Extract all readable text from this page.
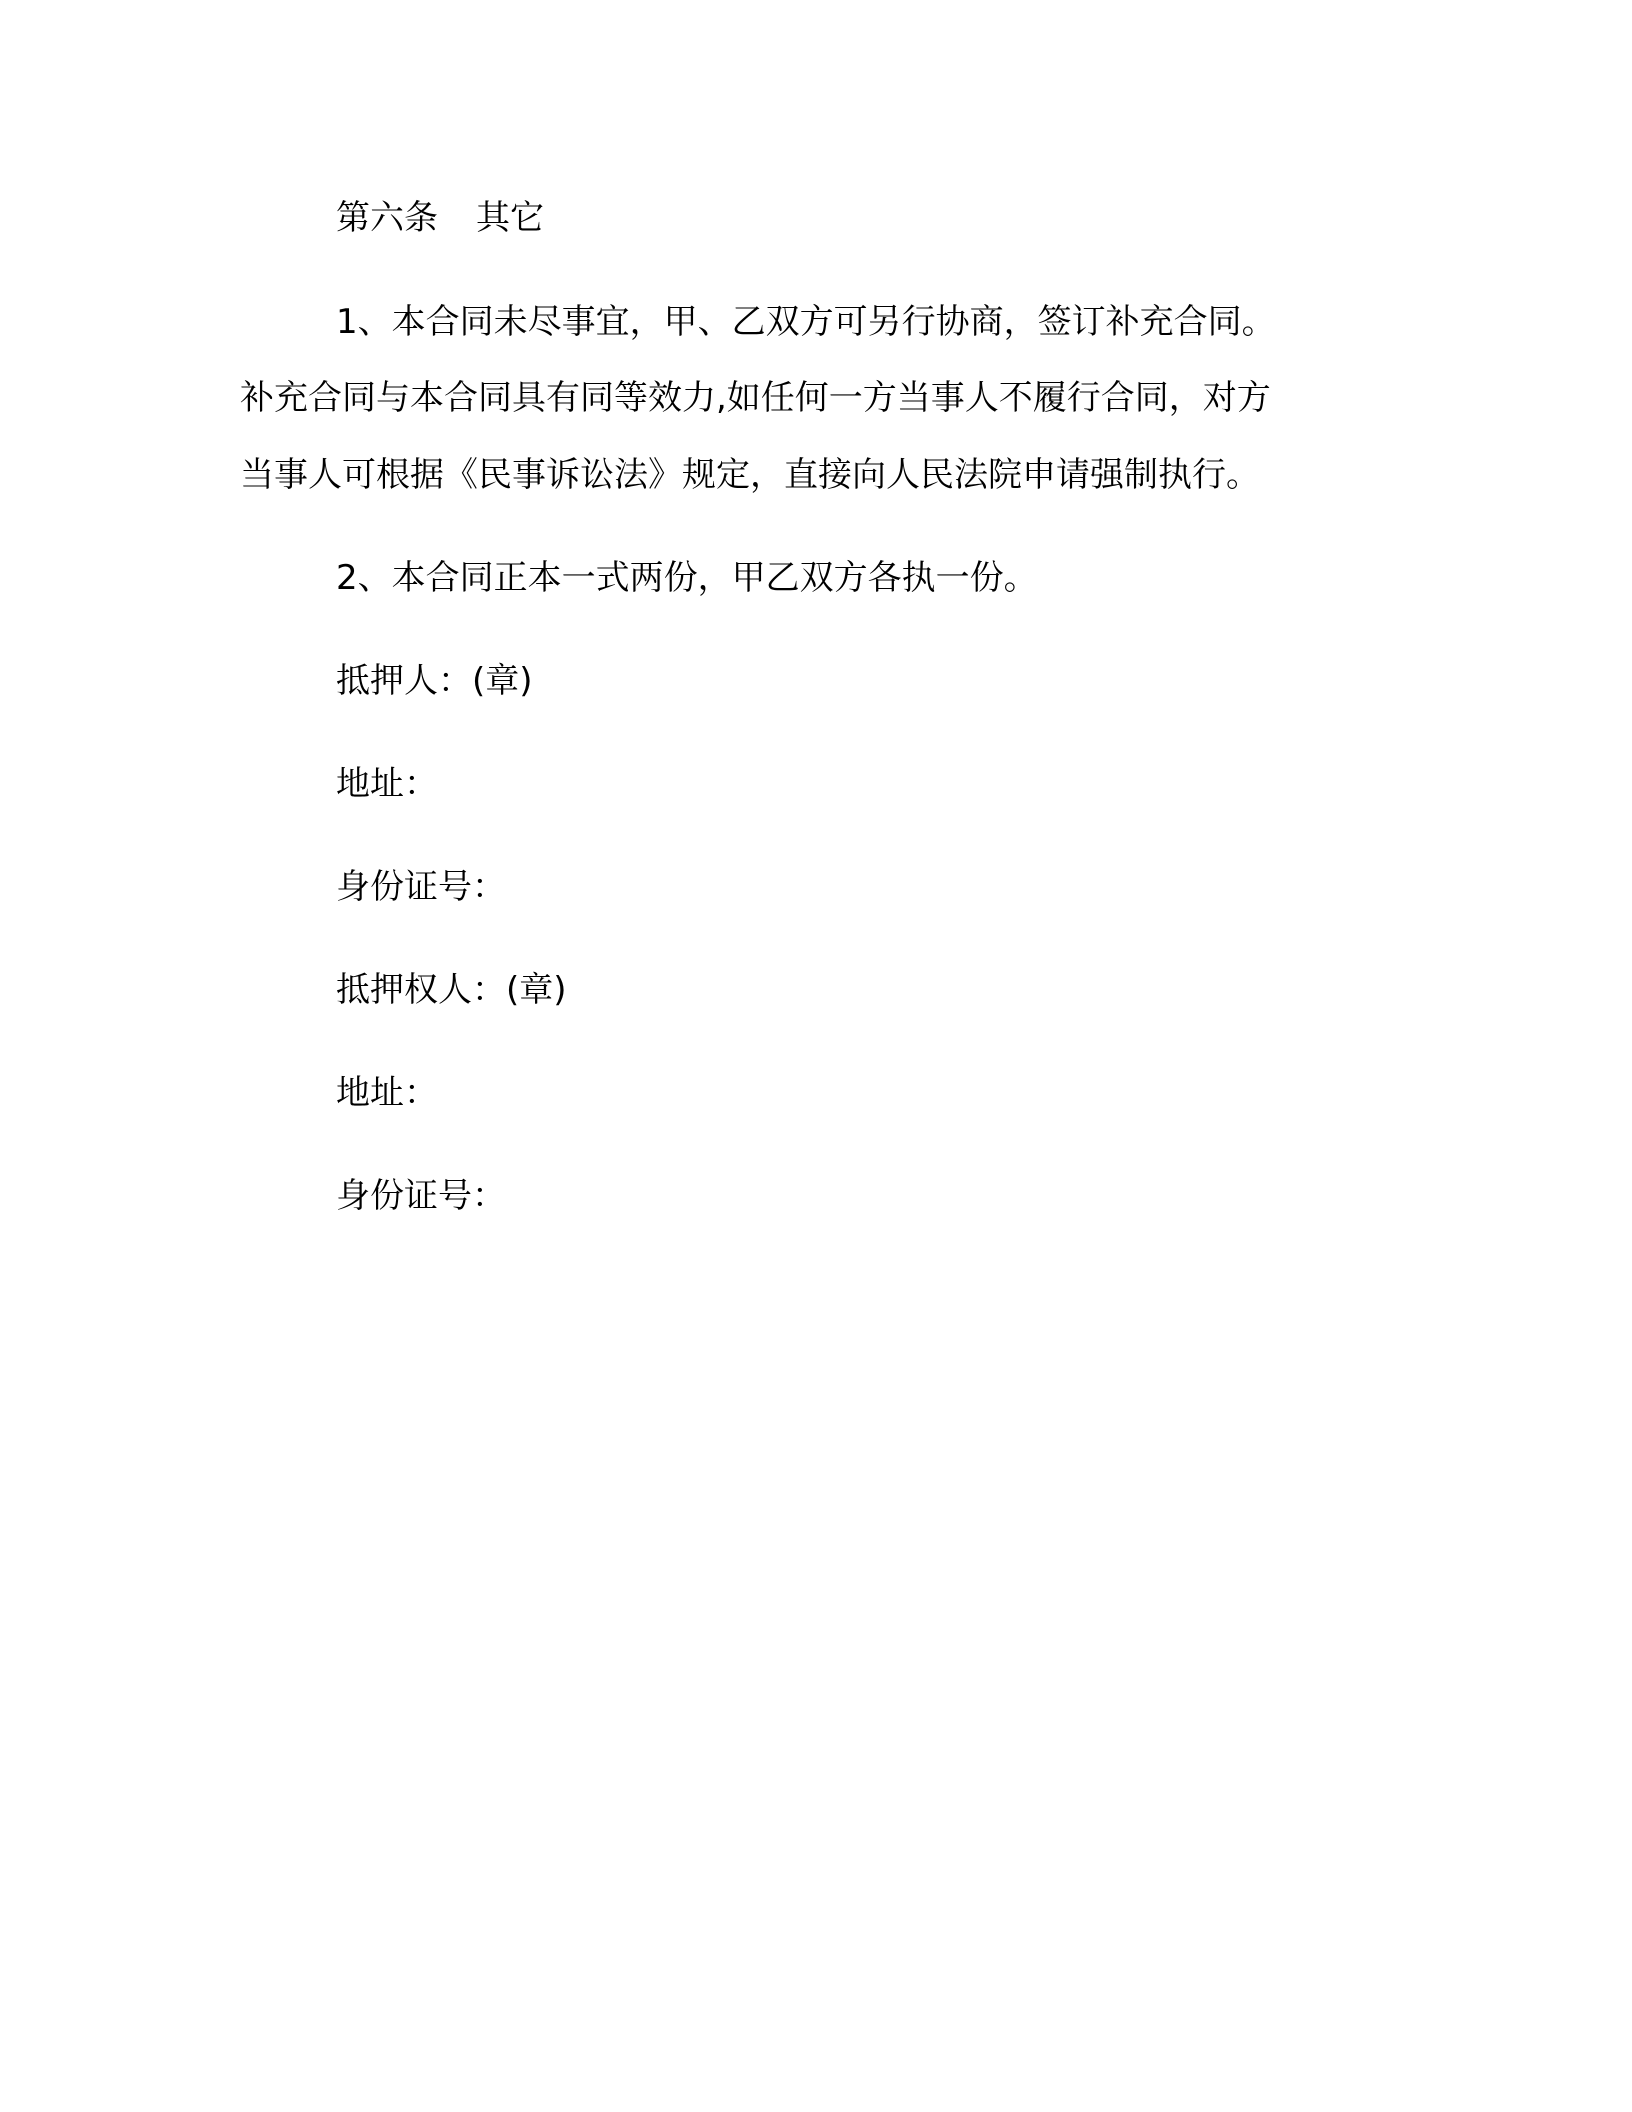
第六条 其它
1、本合同未尽事宜，甲、乙双方可另行协商，签订补充合同。
补充合同与本合同具有同等效力,如任何一方当事人不履行合同，对方
当事人可根据《民事诉讼法》规定，直接向人民法院申请强制执行。
2、本合同正本一式两份，甲乙双方各执一份。
抵押人：(章)
地址：
身份证号：
抵押权人：(章)
地址：
身份证号：
